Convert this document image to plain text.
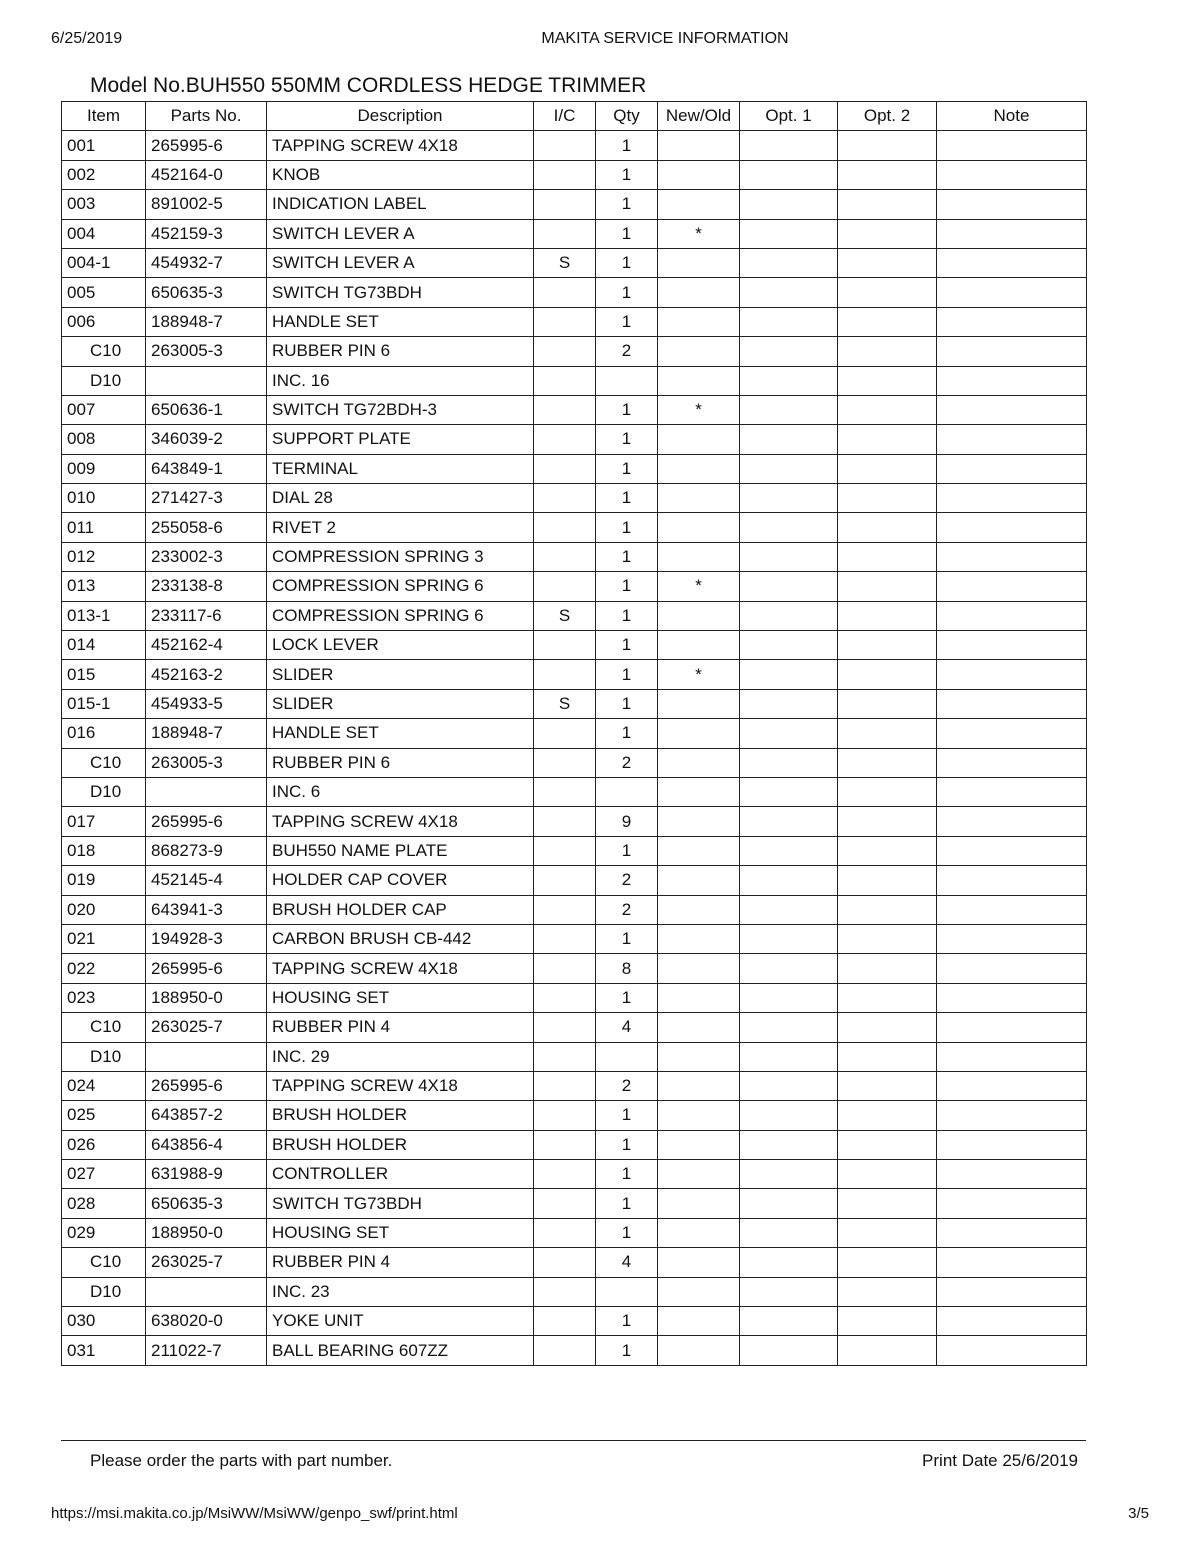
6/25/2019	MAKITA SERVICE INFORMATION
Model No.BUH550 550MM CORDLESS HEDGE TRIMMER
Item	Parts No.	Description	I/C	Qty	New/Old	Opt. 1	Opt. 2	Note
001	265995-6	TAPPING SCREW 4X18		1				
002	452164-0	KNOB		1				
003	891002-5	INDICATION LABEL		1				
004	452159-3	SWITCH LEVER A		1	*			
004-1	454932-7	SWITCH LEVER A	S	1				
005	650635-3	SWITCH TG73BDH		1				
006	188948-7	HANDLE SET		1				
C10	263005-3	RUBBER PIN 6		2				
D10		INC. 16						
007	650636-1	SWITCH TG72BDH-3		1	*			
008	346039-2	SUPPORT PLATE		1				
009	643849-1	TERMINAL		1				
010	271427-3	DIAL 28		1				
011	255058-6	RIVET 2		1				
012	233002-3	COMPRESSION SPRING 3		1				
013	233138-8	COMPRESSION SPRING 6		1	*			
013-1	233117-6	COMPRESSION SPRING 6	S	1				
014	452162-4	LOCK LEVER		1				
015	452163-2	SLIDER		1	*			
015-1	454933-5	SLIDER	S	1				
016	188948-7	HANDLE SET		1				
C10	263005-3	RUBBER PIN 6		2				
D10		INC. 6						
017	265995-6	TAPPING SCREW 4X18		9				
018	868273-9	BUH550 NAME PLATE		1				
019	452145-4	HOLDER CAP COVER		2				
020	643941-3	BRUSH HOLDER CAP		2				
021	194928-3	CARBON BRUSH CB-442		1				
022	265995-6	TAPPING SCREW 4X18		8				
023	188950-0	HOUSING SET		1				
C10	263025-7	RUBBER PIN 4		4				
D10		INC. 29						
024	265995-6	TAPPING SCREW 4X18		2				
025	643857-2	BRUSH HOLDER		1				
026	643856-4	BRUSH HOLDER		1				
027	631988-9	CONTROLLER		1				
028	650635-3	SWITCH TG73BDH		1				
029	188950-0	HOUSING SET		1				
C10	263025-7	RUBBER PIN 4		4				
D10		INC. 23						
030	638020-0	YOKE UNIT		1				
031	211022-7	BALL BEARING 607ZZ		1				
Please order the parts with part number.	Print Date 25/6/2019
https://msi.makita.co.jp/MsiWW/MsiWW/genpo_swf/print.html	3/5
